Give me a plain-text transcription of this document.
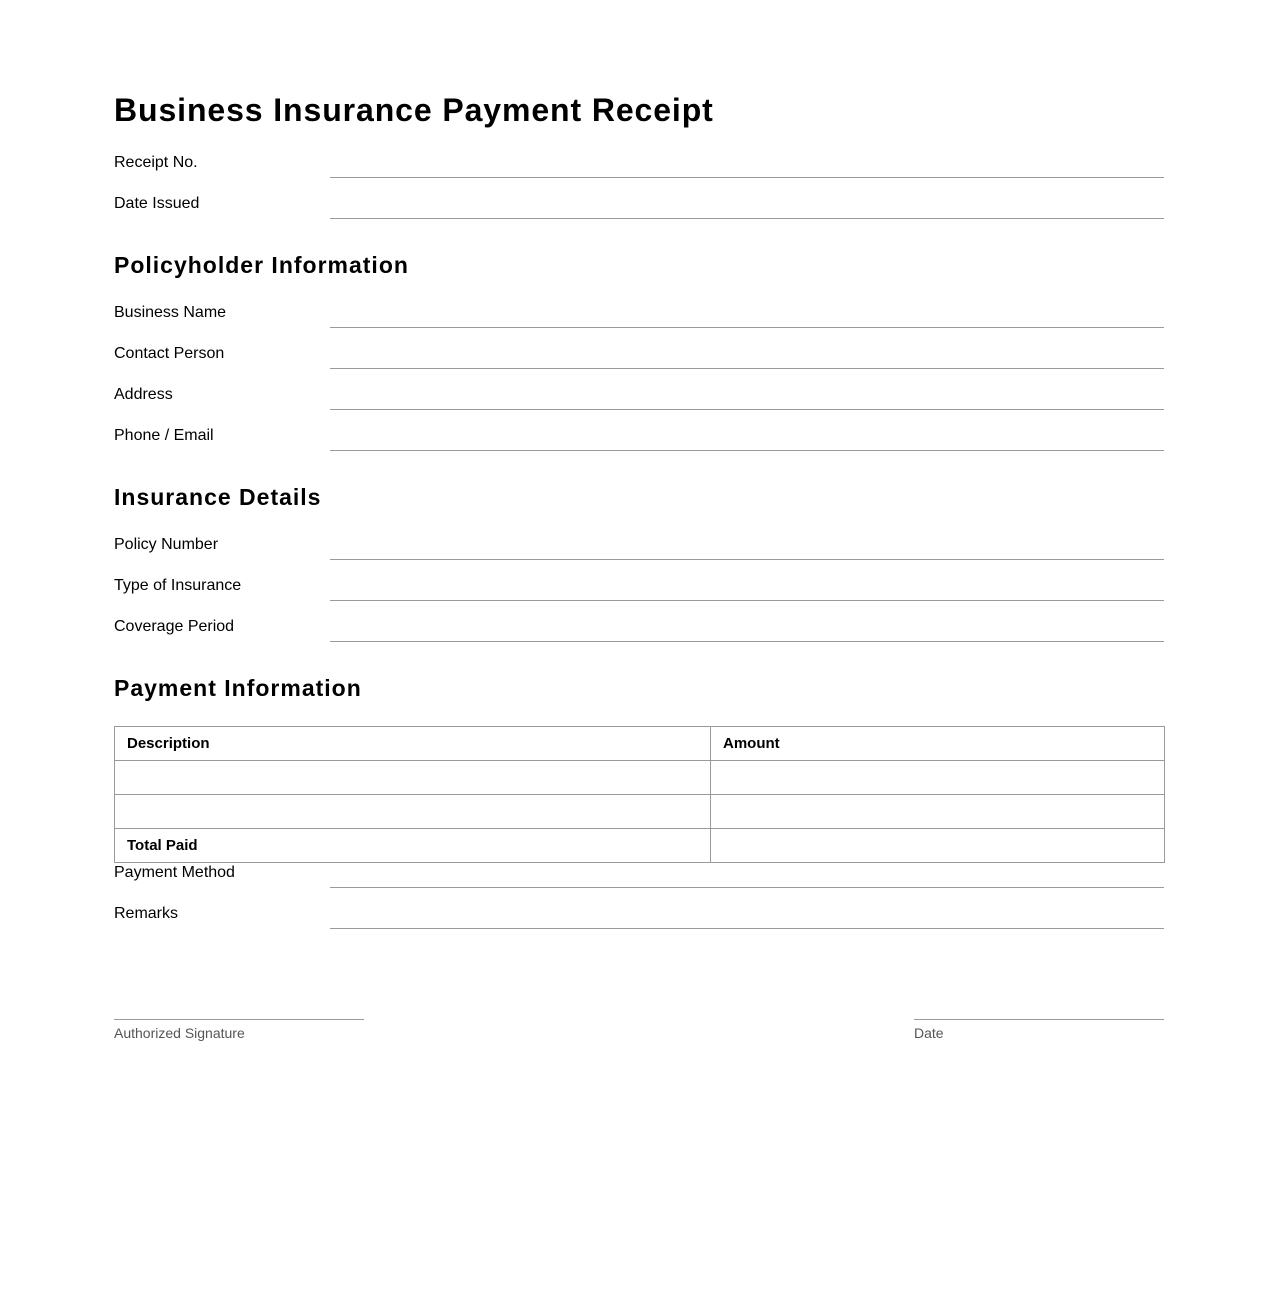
Business Insurance Payment Receipt
Receipt No.
Date Issued
Policyholder Information
Business Name
Contact Person
Address
Phone / Email
Insurance Details
Policy Number
Type of Insurance
Coverage Period
Payment Information
Description	Amount

Total Paid	
Payment Method
Remarks
Authorized Signature	Date
